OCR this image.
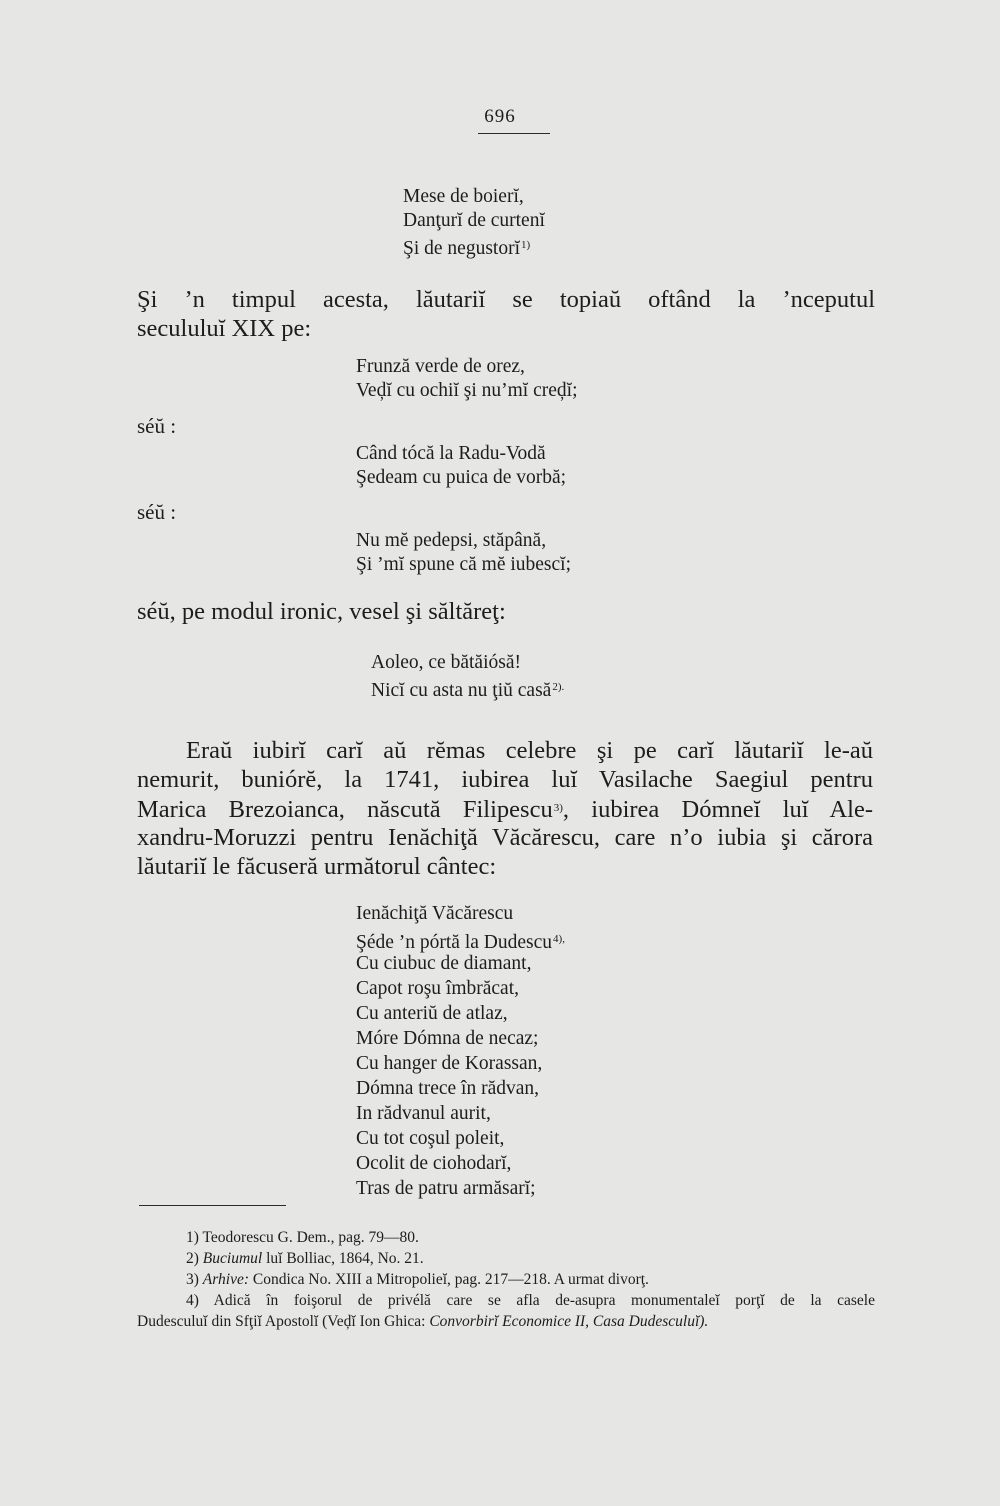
696
Mese de boierĭ,
Danţurĭ de curtenĭ
Şi de negustorĭ$^{1)}$
Şi ’n timpul acesta, lăutariĭ se topiaŭ oftând la ’nceputul
secululuĭ XIX pe:
Frunză verde de orez,
Veḑĭ cu ochiĭ şi nu’mĭ creḑĭ;
séŭ :
Când tócă la Radu-Vodă
Şedeam cu puica de vorbă;
séŭ :
Nu mĕ pedepsi, stăpână,
Şi ’mĭ spune că mĕ iubescĭ;
séŭ, pe modul ironic, vesel şi săltăreţ:
Aoleo, ce bătăiósă!
Nicĭ cu asta nu ţiŭ casă$^{2).}$
Eraŭ iubirĭ carĭ aŭ rĕmas celebre şi pe carĭ lăutariĭ le-aŭ
nemurit, buniórĕ, la 1741, iubirea luĭ Vasilache Saegiul pentru
Marica Brezoianca, născută Filipescu$^{3)}$, iubirea Dómneĭ luĭ Ale-
xandru-Moruzzi pentru Ienăchiţă Văcărescu, care n’o iubia şi cărora
lăutariĭ le făcuseră următorul cântec:
Ienăchiţă Văcărescu
Şéde ’n pórtă la Dudescu$^{4),}$
Cu ciubuc de diamant,
Capot roşu îmbrăcat,
Cu anteriŭ de atlaz,
Móre Dómna de necaz;
Cu hanger de Korassan,
Dómna trece în rădvan,
In rădvanul aurit,
Cu tot coşul poleit,
Ocolit de ciohodarĭ,
Tras de patru armăsarĭ;
1) Teodorescu G. Dem., pag. 79—80.
2) Buciumul luĭ Bolliac, 1864, No. 21.
3) Arhive: Condica No. XIII a Mitropolieĭ, pag. 217—218. A urmat divorţ.
4) Adică în foişorul de privélă care se afla de-asupra monumentaleĭ porţĭ de la casele
Dudesculuĭ din Sfţiĭ Apostolĭ (Veḑĭ Ion Ghica: Convorbirĭ Economice II, Casa Dudesculuĭ).
